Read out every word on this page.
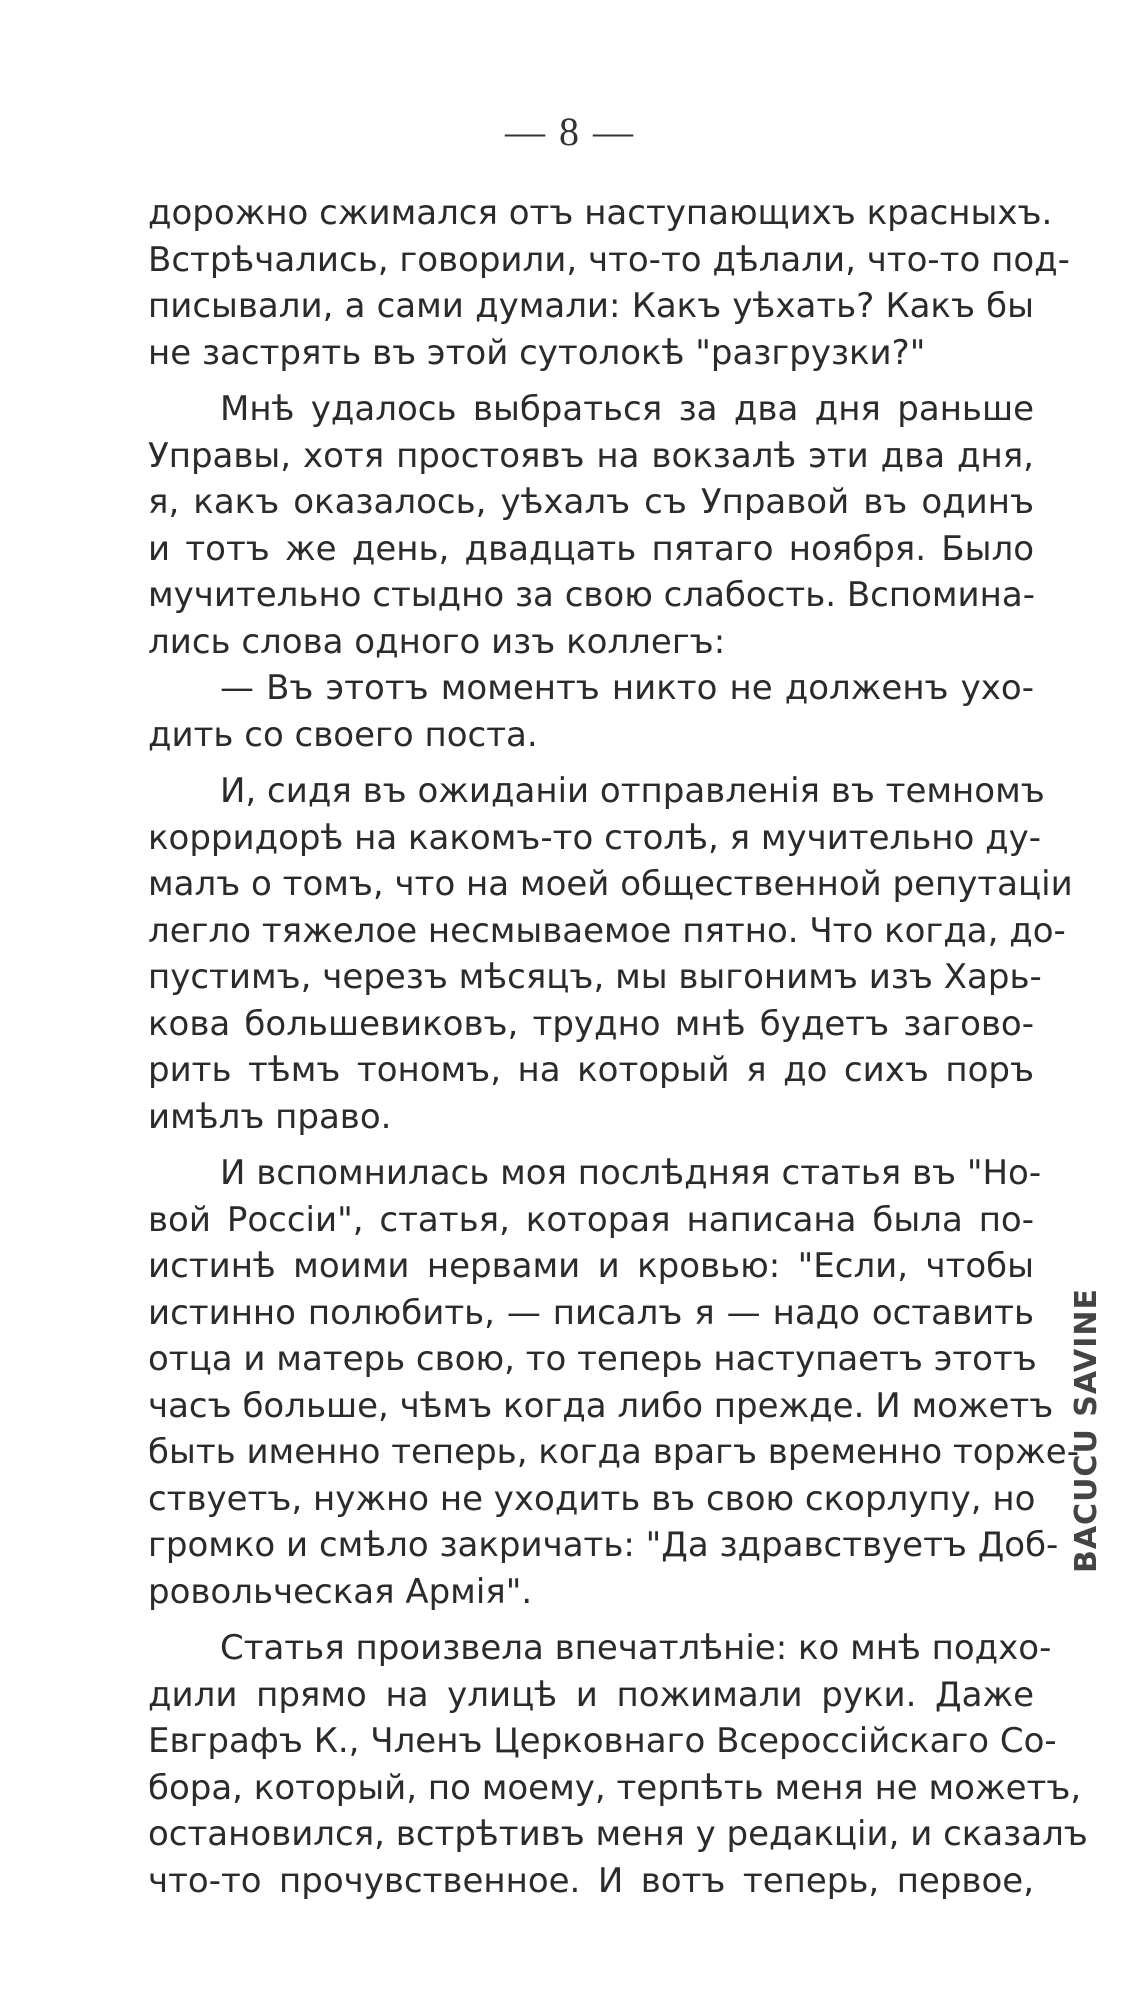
— 8 —
дорожно сжимался отъ наступающихъ красныхъ.
Встрѣчались, говорили, что-то дѣлали, что-то под-
писывали, а сами думали: Какъ уѣхать? Какъ бы
не застрять въ этой сутолокѣ "разгрузки?"
Мнѣ удалось выбраться за два дня раньше
Управы, хотя простоявъ на вокзалѣ эти два дня,
я, какъ оказалось, уѣхалъ съ Управой въ одинъ
и тотъ же день, двадцать пятаго ноября. Было
мучительно стыдно за свою слабость. Вспомина-
лись слова одного изъ коллегъ:
— Въ этотъ моментъ никто не долженъ ухо-
дить со своего поста.
И, сидя въ ожиданіи отправленія въ темномъ
корридорѣ на какомъ-то столѣ, я мучительно ду-
малъ о томъ, что на моей общественной репутаціи
легло тяжелое несмываемое пятно. Что когда, до-
пустимъ, черезъ мѣсяцъ, мы выгонимъ изъ Харь-
кова большевиковъ, трудно мнѣ будетъ загово-
рить тѣмъ тономъ, на который я до сихъ поръ
имѣлъ право.
И вспомнилась моя послѣдняя статья въ "Но-
вой Россіи", статья, которая написана была по-
истинѣ моими нервами и кровью: "Если, чтобы
истинно полюбить, — писалъ я — надо оставить
отца и матерь свою, то теперь наступаетъ этотъ
часъ больше, чѣмъ когда либо прежде. И можетъ
быть именно теперь, когда врагъ временно торже-
ствуетъ, нужно не уходить въ свою скорлупу, но
громко и смѣло закричать: "Да здравствуетъ Доб-
ровольческая Армія".
Статья произвела впечатлѣніе: ко мнѣ подхо-
дили прямо на улицѣ и пожимали руки. Даже
Евграфъ К., Членъ Церковнаго Всероссійскаго Со-
бора, который, по моему, терпѣть меня не можетъ,
остановился, встрѣтивъ меня у редакціи, и сказалъ
что-то прочувственное. И вотъ теперь, первое,
BACUCU SAVINE
